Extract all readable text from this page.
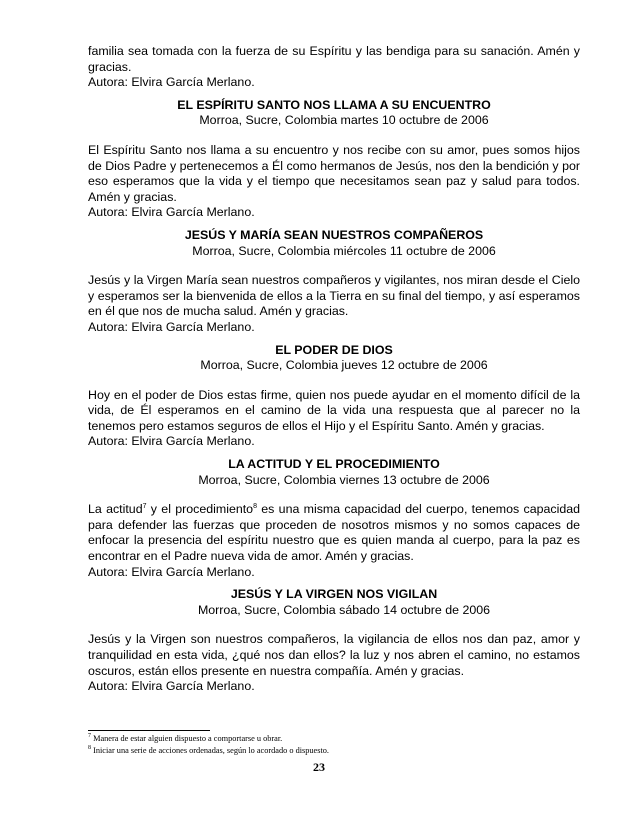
familia sea tomada con la fuerza de su Espíritu y las bendiga para su sanación. Amén y gracias.

Autora: Elvira García Merlano.

EL ESPÍRITU SANTO NOS LLAMA A SU ENCUENTRO

Morroa, Sucre, Colombia martes 10 octubre de 2006

El Espíritu Santo nos llama a su encuentro y nos recibe con su amor, pues somos hijos de Dios Padre y pertenecemos a Él como hermanos de Jesús, nos den la bendición y por eso esperamos que la vida y el tiempo que necesitamos sean paz y salud para todos. Amén y gracias.

Autora: Elvira García Merlano.

JESÚS Y MARÍA SEAN NUESTROS COMPAÑEROS

Morroa, Sucre, Colombia miércoles 11 octubre de 2006

Jesús y la Virgen María sean nuestros compañeros y vigilantes, nos miran desde el Cielo y esperamos ser la bienvenida de ellos a la Tierra en su final del tiempo, y así esperamos en él que nos de mucha salud. Amén y gracias.

Autora: Elvira García Merlano.

EL PODER DE DIOS

Morroa, Sucre, Colombia jueves 12 octubre de 2006

Hoy en el poder de Dios estas firme, quien nos puede ayudar en el momento difícil de la vida, de Él esperamos en el camino de la vida una respuesta que al parecer no la tenemos pero estamos seguros de ellos el Hijo y el Espíritu Santo. Amén y gracias.

Autora: Elvira García Merlano.

LA ACTITUD Y EL PROCEDIMIENTO

Morroa, Sucre, Colombia viernes 13 octubre de 2006

La actitud$^7$ y el procedimiento$^8$ es una misma capacidad del cuerpo, tenemos capacidad para defender las fuerzas que proceden de nosotros mismos y no somos capaces de enfocar la presencia del espíritu nuestro que es quien manda al cuerpo, para la paz es encontrar en el Padre nueva vida de amor. Amén y gracias.

Autora: Elvira García Merlano.

JESÚS Y LA VIRGEN NOS VIGILAN

Morroa, Sucre, Colombia sábado 14 octubre de 2006

Jesús y la Virgen son nuestros compañeros, la vigilancia de ellos nos dan paz, amor y tranquilidad en esta vida, ¿qué nos dan ellos? la luz y nos abren el camino, no estamos oscuros, están ellos presente en nuestra compañía. Amén y gracias.

Autora: Elvira García Merlano.

$^7$ Manera de estar alguien dispuesto a comportarse u obrar.
$^8$ Iniciar una serie de acciones ordenadas, según lo acordado o dispuesto.
23
